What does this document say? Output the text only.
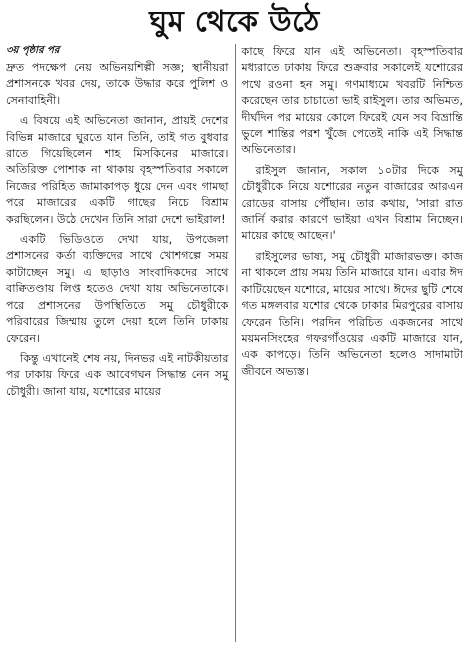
ঘুম থেকে উঠে
৩য় পৃষ্ঠার পর

দ্রুত পদক্ষেপ নেয় অভিনয়শিল্পী সজ্ঞ; স্থানীয়রা প্রশাসনকে খবর দেয়, তাকে উদ্ধার করে পুলিশ ও সেনাবাহিনী।

এ বিষয়ে এই অভিনেতা জানান, প্রায়ই দেশের বিভিন্ন মাজারে ঘুরতে যান তিনি, তাই গত বুধবার রাতে গিয়েছিলেন শাহ মিসকিনের মাজারে। অতিরিক্ত পোশাক না থাকায় বৃহস্পতিবার সকালে নিজের পরিহিত জামাকাপড় ধুয়ে দেন এবং গামছা পরে মাজারের একটি গাছের নিচে বিশ্রাম করছিলেন। উঠে দেখেন তিনি সারা দেশে ভাইরাল!

একটি ভিডিওতে দেখা যায়, উপজেলা প্রশাসনের কর্তা ব্যক্তিদের সাথে খোশগল্পে সময় কাটাচ্ছেন সমু। এ ছাড়াও সাংবাদিকদের সাথে বাক্বিতণ্ডায় লিপ্ত হতেও দেখা যায় অভিনেতাকে। পরে প্রশাসনের উপস্থিতিতে সমু চৌধুরীকে পরিবারের জিম্মায় তুলে দেয়া হলে তিনি ঢাকায় ফেরেন।

কিন্তু এখানেই শেষ নয়, দিনভর এই নাটকীয়তার পর ঢাকায় ফিরে এক আবেগঘন সিদ্ধান্ত নেন সমু চৌধুরী। জানা যায়, যশোরের মায়ের

কাছে ফিরে যান এই অভিনেতা। বৃহস্পতিবার মধ্যরাতে ঢাকায় ফিরে শুক্রবার সকালেই যশোরের পথে রওনা হন সমু। গণমাধ্যমে খবরটি নিশ্চিত করেছেন তার চাচাতো ভাই রাইসুল। তার অভিমত, দীর্ঘদিন পর মায়ের কোলে ফিরেই যেন সব বিভ্রান্তি ভুলে শান্তির পরশ খুঁজে পেতেই নাকি এই সিদ্ধান্ত অভিনেতার।

রাইসুল জানান, সকাল ১০টার দিকে সমু চৌধুরীকে নিয়ে যশোরের নতুন বাজারের আরএন রোডের বাসায় পৌঁছান। তার কথায়, 'সারা রাত জার্নি করার কারণে ভাইয়া এখন বিশ্রাম নিচ্ছেন। মায়ের কাছে আছেন।'

রাইসুলের ভাষ্য, সমু চৌধুরী মাজারভক্ত। কাজ না থাকলে প্রায় সময় তিনি মাজারে যান। এবার ঈদ কাটিয়েছেন যশোরে, মায়ের সাথে। ঈদের ছুটি শেষে গত মঙ্গলবার যশোর থেকে ঢাকার মিরপুরের বাসায় ফেরেন তিনি। পরদিন পরিচিত একজনের সাথে ময়মনসিংহের গফরগাঁওয়ের একটি মাজারে যান, এক কাপড়ে। তিনি অভিনেতা হলেও সাদামাটা জীবনে অভ্যস্ত।
